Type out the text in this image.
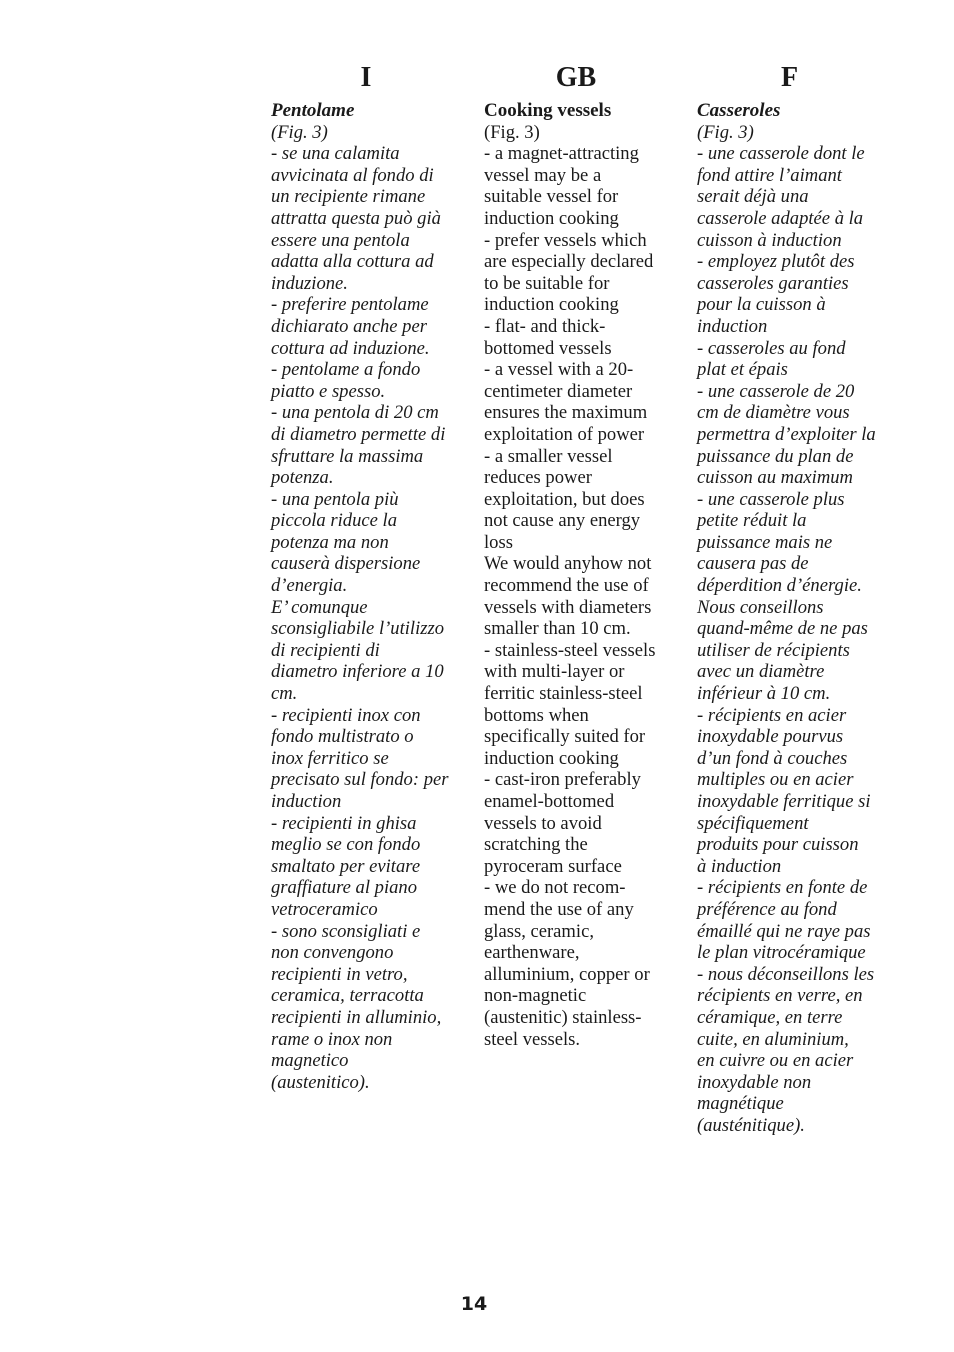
I
Pentolame
(Fig. 3)
- se una calamita
avvicinata al fondo di
un recipiente rimane
attratta questa può già
essere una pentola
adatta alla cottura ad
induzione.
- preferire pentolame
dichiarato anche per
cottura ad induzione.
- pentolame a fondo
piatto e spesso.
- una pentola di 20 cm
di diametro permette di
sfruttare la massima
potenza.
- una pentola più
piccola riduce la
potenza ma non
causerà dispersione
d’energia.
E’ comunque
sconsigliabile l’utilizzo
di recipienti di
diametro inferiore a 10
cm.
- recipienti inox con
fondo multistrato o
inox ferritico se
precisato sul fondo: per
induction
- recipienti in ghisa
meglio se con fondo
smaltato per evitare
graffiature al piano
vetroceramico
- sono sconsigliati e
non convengono
recipienti in vetro,
ceramica, terracotta
recipienti in alluminio,
rame o inox non
magnetico
(austenitico).
GB
Cooking vessels
(Fig. 3)
- a magnet-attracting
vessel may be a
suitable vessel for
induction cooking
- prefer vessels which
are especially declared
to be suitable for
induction cooking
- flat- and thick-
bottomed vessels
- a vessel with a 20-
centimeter diameter
ensures the maximum
exploitation of power
- a smaller vessel
reduces power
exploitation, but does
not cause any energy
loss
We would anyhow not
recommend the use of
vessels with diameters
smaller than 10 cm.
- stainless-steel vessels
with multi-layer or
ferritic stainless-steel
bottoms when
specifically suited for
induction cooking
- cast-iron preferably
enamel-bottomed
vessels to avoid
scratching the
pyroceram surface
- we do not recom-
mend the use of any
glass, ceramic,
earthenware,
alluminium, copper or
non-magnetic
(austenitic) stainless-
steel vessels.
F
Casseroles
(Fig. 3)
- une casserole dont le
fond attire l’aimant
serait déjà una
casserole adaptée à la
cuisson à induction
- employez plutôt des
casseroles garanties
pour la cuisson à
induction
- casseroles au fond
plat et épais
- une casserole de 20
cm de diamètre vous
permettra d’exploiter la
puissance du plan de
cuisson au maximum
- une casserole plus
petite réduit la
puissance mais ne
causera pas de
déperdition d’énergie.
Nous conseillons
quand-même de ne pas
utiliser de récipients
avec un diamètre
inférieur à 10 cm.
- récipients en acier
inoxydable pourvus
d’un fond à couches
multiples ou en acier
inoxydable ferritique si
spécifiquement
produits pour cuisson
à induction
- récipients en fonte de
préférence au fond
émaillé qui ne raye pas
le plan vitrocéramique
- nous déconseillons les
récipients en verre, en
céramique, en terre
cuite, en aluminium,
en cuivre ou en acier
inoxydable non
magnétique
(austénitique).
14
